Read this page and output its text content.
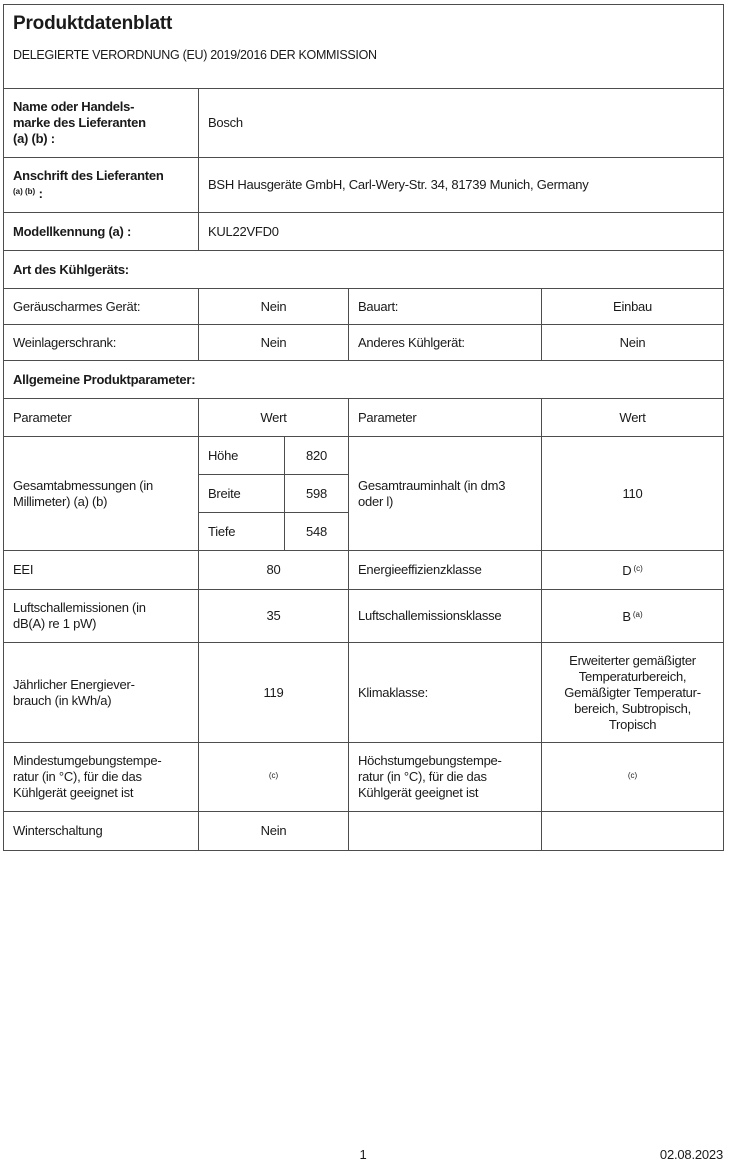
Produktdatenblatt
DELEGIERTE VERORDNUNG (EU) 2019/2016 DER KOMMISSION				

Name oder Handels-
marke des Lieferanten
(a) (b) :	Bosch			

Anschrift des Lieferanten
$^{(a) (b)}$ :	BSH Hausgeräte GmbH, Carl-Wery-Str. 34, 81739 Munich, Germany			
Modellkennung (a) :	KUL22VFD0			
Art des Kühlgeräts:				
Geräuscharmes Gerät:	Nein		Bauart:	Einbau
Weinlagerschrank:	Nein		Anderes Kühlgerät:	Nein
Allgemeine Produktparameter:				
Parameter	Wert		Parameter	Wert

Gesamtabmessungen (in
Millimeter) (a) (b)	Höhe	820	Gesamtrauminhalt (in dm3
oder l)	110
	Breite	598		
	Tiefe	548		
EEI	80		Energieeffizienzklasse	D $^{(c)}$

Luftschallemissionen (in
dB(A) re 1 pW)	35		Luftschallemissionsklasse	B $^{(a)}$

Jährlicher Energiever-
brauch (in kWh/a)	119		Klimaklasse:	Erweiterter gemäßigter
Temperaturbereich,
Gemäßigter Temperatur-
bereich, Subtropisch,
Tropisch

Mindestumgebungstempe-
ratur (in °C), für die das
Kühlgerät geeignet ist	$^{(c)}$		Höchstumgebungstempe-
ratur (in °C), für die das
Kühlgerät geeignet ist	$^{(c)}$
Winterschaltung	Nein			
1	02.08.2023
